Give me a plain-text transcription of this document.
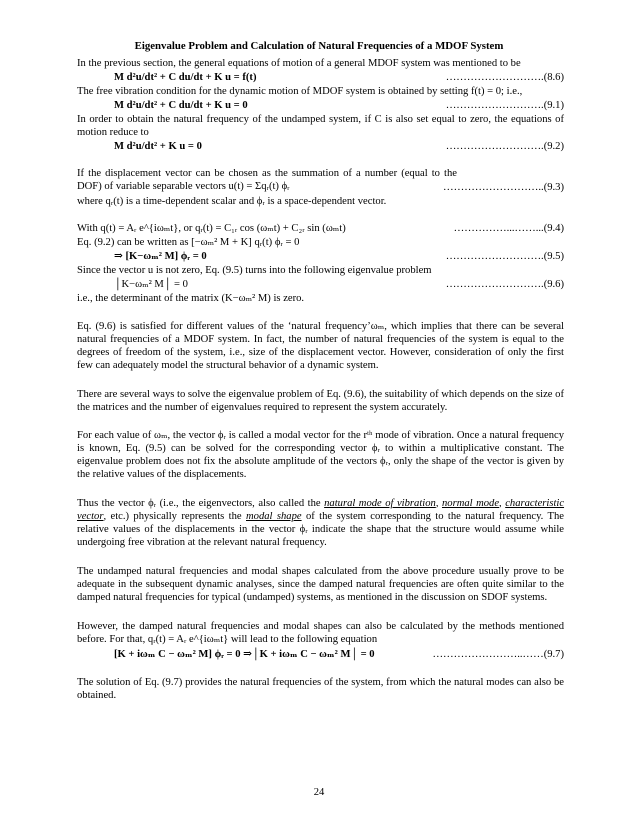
Eigenvalue Problem and Calculation of Natural Frequencies of a MDOF System
In the previous section, the general equations of motion of a general MDOF system was mentioned to be
M d²u/dt² + C du/dt + K u = f(t)	……………………….(8.6)
The free vibration condition for the dynamic motion of MDOF system is obtained by setting f(t) = 0; i.e.,
M d²u/dt² + C du/dt + K u = 0	……………………….(9.1)
In order to obtain the natural frequency of the undamped system, if C is also set equal to zero, the equations of motion reduce to
M d²u/dt² + K u = 0	……………………….(9.2)
If the displacement vector can be chosen as the summation of a number (equal to the DOF) of variable separable vectors u(t) = Σqᵣ(t) ϕᵣ	………………………..(9.3)
where qᵣ(t) is a time-dependent scalar and ϕᵣ is a space-dependent vector.
With q(t) = Aᵣ e^{iωₘt}, or qᵣ(t) = C₁ᵣ cos (ωₘt) + C₂ᵣ sin (ωₘt)	……………...……...(9.4)
Eq. (9.2) can be written as [−ωₘ² M + K] qᵣ(t) ϕᵣ = 0
⇒ [K−ωₘ² M] ϕᵣ = 0	……………………….(9.5)
Since the vector u is not zero, Eq. (9.5) turns into the following eigenvalue problem
│K−ωₘ² M│ = 0	……………………….(9.6)
i.e., the determinant of the matrix (K−ωₘ² M) is zero.
Eq. (9.6) is satisfied for different values of the ‘natural frequency’ωₘ, which implies that there can be several natural frequencies of a MDOF system. In fact, the number of natural frequencies of the system is equal to the degrees of freedom of the system, i.e., size of the displacement vector. However, consideration of only the first few can adequately model the structural behavior of a dynamic system.
There are several ways to solve the eigenvalue problem of Eq. (9.6), the suitability of which depends on the size of the matrices and the number of eigenvalues required to represent the system accurately.
For each value of ωₘ, the vector ϕᵣ is called a modal vector for the rᵗʰ mode of vibration. Once a natural frequency is known, Eq. (9.5) can be solved for the corresponding vector ϕᵣ to within a multiplicative constant. The eigenvalue problem does not fix the absolute amplitude of the vectors ϕᵣ, only the shape of the vector is given by the relative values of the displacements.
Thus the vector ϕᵣ (i.e., the eigenvectors, also called the natural mode of vibration, normal mode, characteristic vector, etc.) physically represents the modal shape of the system corresponding to the natural frequency. The relative values of the displacements in the vector ϕᵣ indicate the shape that the structure would assume while undergoing free vibration at the relevant natural frequency.
The undamped natural frequencies and modal shapes calculated from the above procedure usually prove to be adequate in the subsequent dynamic analyses, since the damped natural frequencies are often quite similar to the damped natural frequencies for typical (undamped) systems, as mentioned in the discussion on SDOF systems.
However, the damped natural frequencies and modal shapes can also be calculated by the methods mentioned before. For that, qᵣ(t) = Aᵣ e^{iωₘt} will lead to the following equation
[K + iωₘ C − ωₘ² M] ϕᵣ = 0 ⇒│K + iωₘ C − ωₘ² M│ = 0	……………………..……(9.7)
The solution of Eq. (9.7) provides the natural frequencies of the system, from which the natural modes can also be obtained.
24
